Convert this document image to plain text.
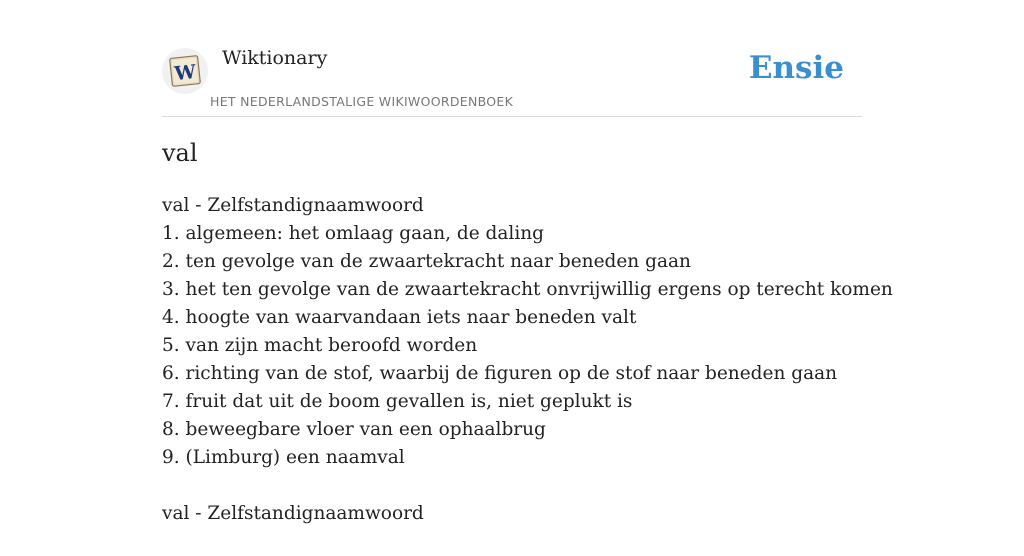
W
Wiktionary
HET NEDERLANDSTALIGE WIKIWOORDENBOEK
Ensie
val
val - Zelfstandignaamwoord
1. algemeen: het omlaag gaan, de daling
2. ten gevolge van de zwaartekracht naar beneden gaan
3. het ten gevolge van de zwaartekracht onvrijwillig ergens op terecht komen
4. hoogte van waarvandaan iets naar beneden valt
5. van zijn macht beroofd worden
6. richting van de stof, waarbij de figuren op de stof naar beneden gaan
7. fruit dat uit de boom gevallen is, niet geplukt is
8. beweegbare vloer van een ophaalbrug
9. (Limburg) een naamval
val - Zelfstandignaamwoord
